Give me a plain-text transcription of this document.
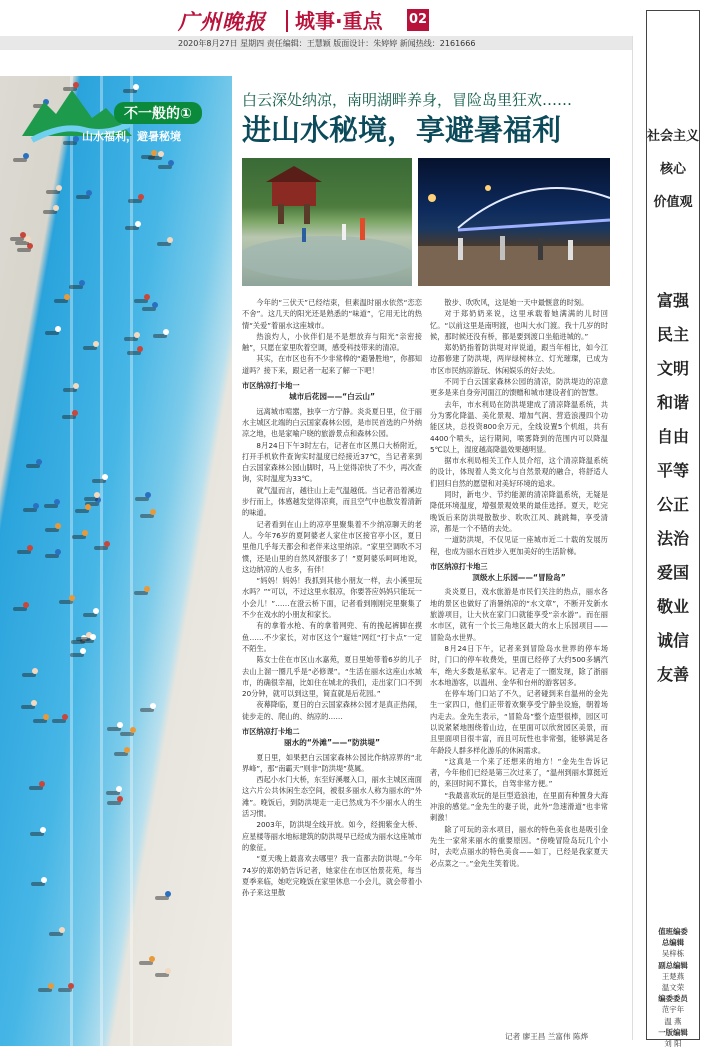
广州晚报 城事·重点 02
2020年8月27日 星期四 责任编辑：王慧颖 版面设计：朱婷婷 新闻热线：2161666
不一般的①
山水福利，避暑秘境
白云深处纳凉，南明湖畔养身，冒险岛里狂欢……
进山水秘境，享避暑福利

今年的“三伏天”已经结束，但素温时丽水依然“恋恋不舍”。这几天的阳光还是熟悉的“味道”，它用无比的热情“关爱”着丽水这座城市。

热浪灼人，小伙伴们是不是想放弃与阳光“亲密接触”，只愿在家里吹着空调，感受科技带来的清凉。

其实，在市区也有不少非常棒的“避暑胜地”，你都知道吗？接下来，跟记者一起来了解一下吧！

市区纳凉打卡地一

城市后花园——“白云山”

远离城市喧嚣，独享一方宁静。炎炎夏日里，位于丽水主城区北端的白云国家森林公园，是市民首选的户外纳凉之地，也是家喻户晓的旅游景点和森林公园。

8月24日下午3时左右，记者在市区黑口大桥附近，打开手机软件查询实时温度已经接近37℃，当记者来到白云国家森林公园山脚时，马上觉得凉快了不少，再次查询，实时温度为33℃。

就气温而言，越往山上走气温越低。当记者沿着溪边步行而上，体感越发觉得凉爽，而且空气中也散发着清新的味道。

记者看到在山上的凉亭里聚集着不少纳凉聊天的老人。今年76岁的夏阿婆老人家住市区接官亭小区，夏日里他几乎每天都会和老伴来这里纳凉。“家里空调吹不习惯，还是山里的自然风舒服多了！”夏阿婆乐呵呵地说，这边纳凉的人也多，有伴！

“妈妈！妈妈！我抓到其他小朋友一样，去小溪里玩水吗？”“可以，不过这里水很凉，你要答应妈妈只能玩一小会儿！”……在澄云桥下面，记者看到刚刚完里聚集了不少在戏水的小朋友和家长。

有的拿着水枪、有的拿着网兜、有的挽起裤脚在摸鱼……不少家长，对市区这个“遛娃”网红“打卡点”一定不陌生。

陈女士住在市区山水嘉苑，夏日里她带着6岁的儿子去山上溜一圈几乎是“必修课”。“生活在丽水这座山水城市，的确很幸福，比如住在城北的我们，走出家门口不到20分钟，就可以到这里，简直就是后花园。”

夜幕降临，夏日的白云国家森林公园才是真正热闹，徒步走的、爬山的、纳凉的……

市区纳凉打卡地二

丽水的“外滩”——“防洪堤”

夏日里，如果把白云国家森林公园比作纳凉界的“北界峰”，那“南霸天”则非“防洪堤”莫属。

西起小水门大桥，东至好溪堰入口，丽水主城区南面这六片公共休闲生态空间，被很多丽水人称为丽水的“外滩”。晚饭后，到防洪堤走一走已然成为不少丽水人的生活习惯。

2003年，防洪堤全线开放。如今，经拥紫金大桥、应星楼等丽水地标建筑的防洪堤早已经成为丽水这座城市的象征。

“夏天晚上最喜欢去哪里？我一直都去防洪堤。”今年74岁的郑奶奶告诉记者，她家住在市区怡景花苑，每当夏季来临，她吃完晚饭在家里休息一小会儿，就会带着小孙子来这里散

散步、吹吹风，这是她一天中最惬意的时刻。

对于郑奶奶来说，这里承载着她满满的儿时回忆。“以前这里是南明渡，也叫大水门渡。我十几岁的时候，那时候还没有桥，都是要到渡口坐船进城的。”

郑奶奶指着防洪堤对岸说道，跟当年相比，如今江边都修建了防洪堤，两岸绿树林立、灯光璀璨，已成为市区市民纳凉游玩、休闲娱乐的好去处。

不同于白云国家森林公园的清凉，防洪堤边的凉意更多是来自身旁河面江的馈赠和城市建设者们的智慧。

去年，市水利局在防洪堤建成了清凉降温系统，共分为雾化降温、美化景观、增加气润、营造浪漫四个功能区块，总投资800余万元，全线设置5个机组，共有4400个喷头，运行期间，喷雾降到的范围内可以降温5℃以上，湿度越高降温效果越明显。

据市水利局相关工作人员介绍，这个清凉降温系统的设计，体现着人类文化与自然景观的融合，将舒适人们回归自然的愿望和对美好环境的追求。

同时，新电少、节约能源的清凉降温系统，无疑是降低环境温度，增强景观效果的最佳选择。夏天，吃完晚饭后来防洪堤散散步、吹吹江风、跳跳舞，享受清凉，都是一个不错的去处。

一道防洪堤，不仅见证一座城市近二十载的发展历程，也成为丽水百姓步入更加美好的生活阶梯。

市区纳凉打卡地三

顶级水上乐园——“冒险岛”

炎炎夏日，戏水旅游是市民们关注的热点，丽水各地的景区也做好了消暑纳凉的“水文章”，不断开发新水旅游项目，让大伙在家门口就能享受“亲水游”。而在丽水市区，就有一个长三角地区最大的水上乐园项目——冒险岛水世界。

8月24日下午，记者来到冒险岛水世界的停车场时，门口的停车收费处，里面已经停了大约500多辆汽车，绝大多数是私家车。记者走了一圈发现，除了浙丽水本地游客，以温州、金华和台州的游客居多。

在停车场门口站了不久，记者碰到来自温州的金先生一家四口，他们正带着欢聚享受宁静坐设施，朝着场内走去。金先生表示，“冒险岛”整个造型很棒，园区可以说紧紧地围绕着山边，在里面可以欣赏园区美景，而且里面项目很丰富，而且可玩性也非常强，能够满足各年龄段人群多样化游乐的休闲需求。

“这真是一个来了还想来的地方！”金先生告诉记者，今年他们已经是第三次过来了，“温州到丽水算挺近的，来回时间不算长，自驾非常方便。”

“我最喜欢玩的是巨型造浪池，在里面有种置身大海冲浪的感觉。”金先生的妻子说，此外“急速滑道”也非常刺激！

除了可玩的亲水项目，丽水的特色美食也是吸引金先生一家常来丽水的重要原因。“傍晚冒险岛玩几个小时，去吃点丽水的特色美食——如丁，已经是我家夏天必点菜之一。”金先生笑着说。

记者 廖王昌 兰富伟 陈烨
社会主义
核心
价值观
富强
民主
文明
和谐
自由
平等
公正
法治
爱国
敬业
诚信
友善
值班编委
总编辑
吴梓栋
副总编辑
王楚燕
温文荣
编委委员
范宇年
温 燕
一版编辑
刘 阳
